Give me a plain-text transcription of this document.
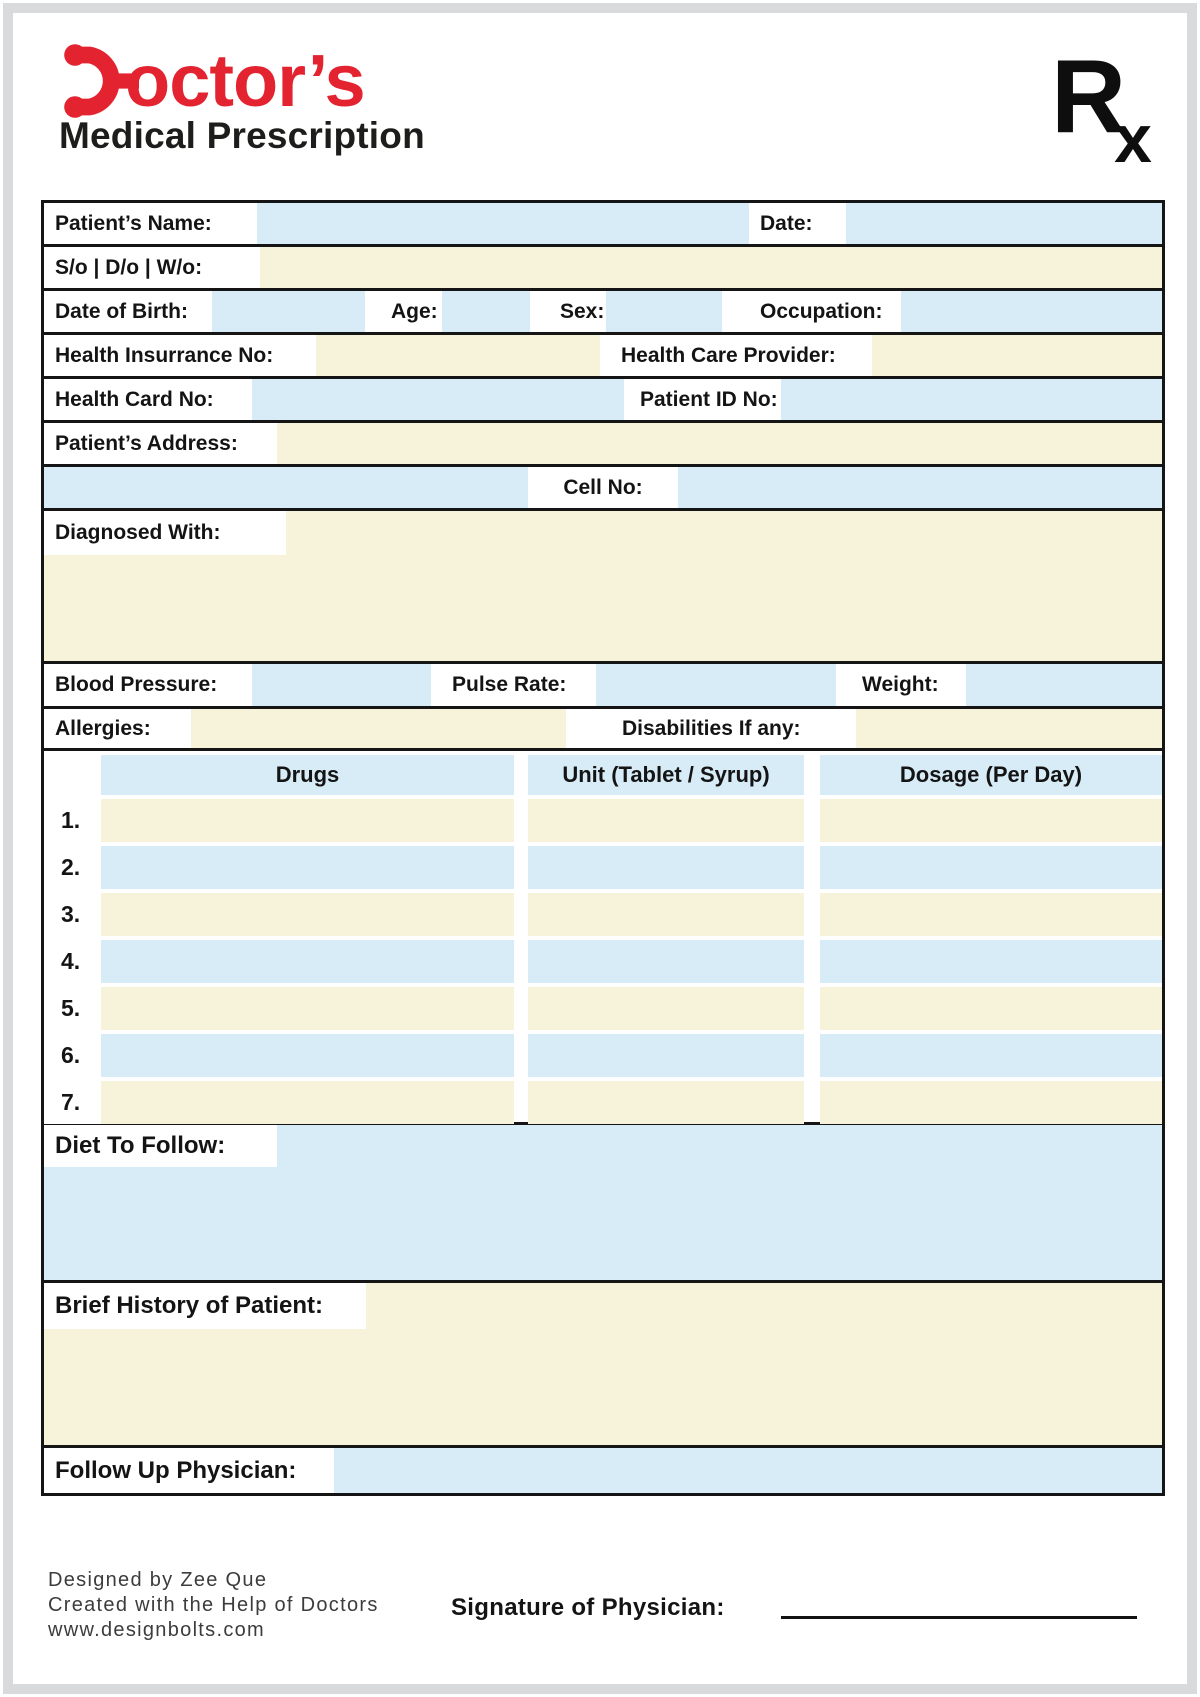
octor’s
Medical Prescription	R
x
Patient’s Name:	Date:
S/o | D/o | W/o:
Date of Birth:	Age:	Sex:	Occupation:
Health Insurrance No:	Health Care Provider:
Health Card No:	Patient ID No:
Patient’s Address:
Cell No:
Diagnosed With:
Blood Pressure:	Pulse Rate:	Weight:
Allergies:	Disabilities If any:
Drugs	Unit (Tablet / Syrup)	Dosage (Per Day)
1.
2.
3.
4.
5.
6.
7.
Diet To Follow:
Brief History of Patient:
Follow Up Physician:
Designed by Zee Que
Created with the Help of Doctors
www.designbolts.com
Signature of Physician:
